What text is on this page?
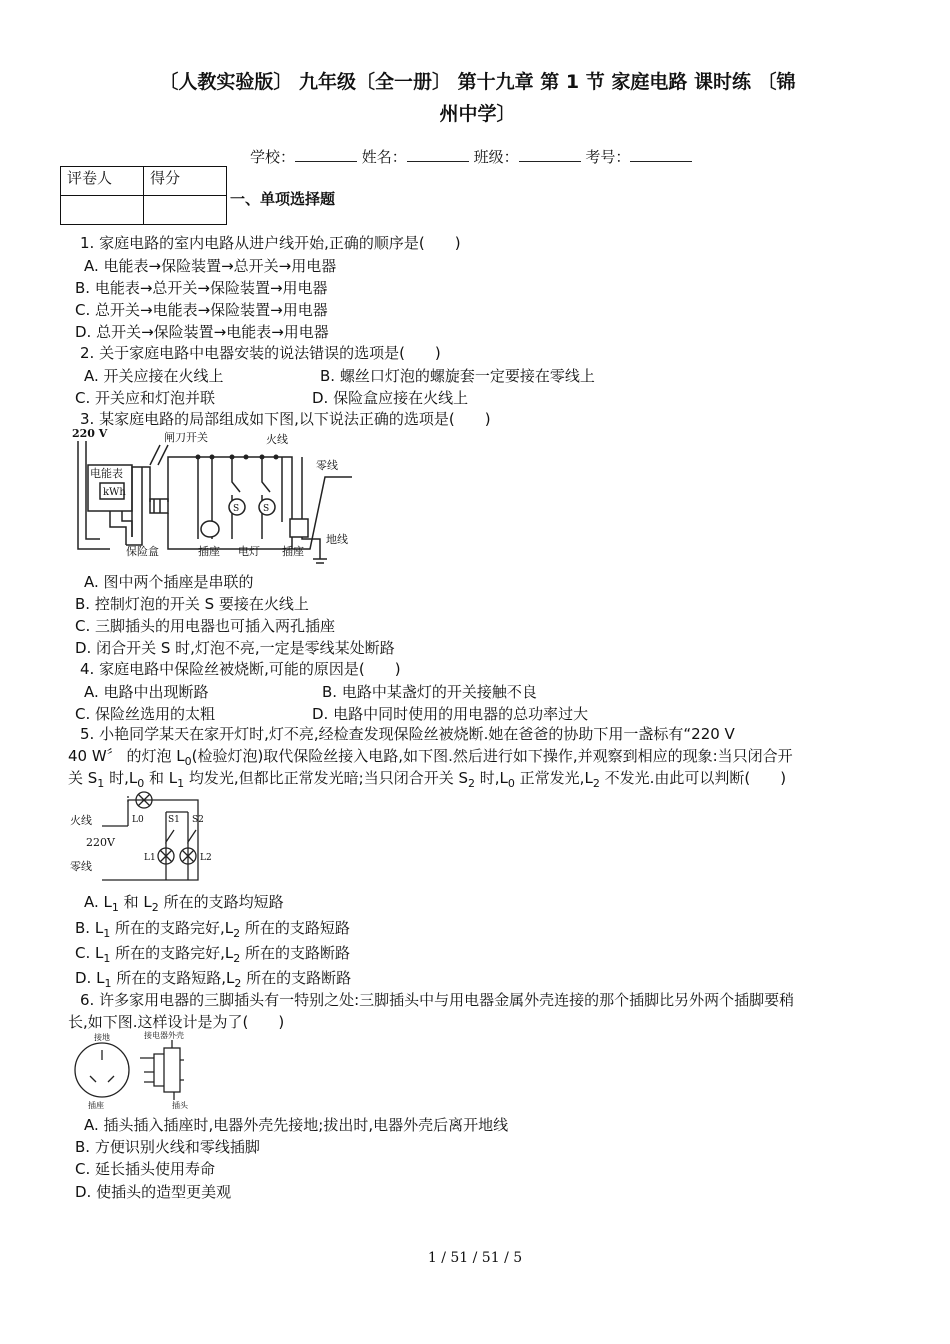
〔人教实验版〕 九年级〔全一册〕 第十九章 第 1 节 家庭电路 课时练 〔锦
州中学〕
学校：	姓名：	班级：	考号：
评卷人	得分

一、单项选择题
1. 家庭电路的室内电路从进户线开始,正确的顺序是(　　)
A. 电能表→保险装置→总开关→用电器
B. 电能表→总开关→保险装置→用电器
C. 总开关→电能表→保险装置→用电器
D. 总开关→保险装置→电能表→用电器
2. 关于家庭电路中电器安装的说法错误的选项是(　　)
A. 开关应接在火线上	B. 螺丝口灯泡的螺旋套一定要接在零线上
C. 开关应和灯泡并联	D. 保险盒应接在火线上
3. 某家庭电路的局部组成如下图,以下说法正确的选项是(　　)
220 V	闸刀开关	火线
零线
电能表
kWh
保险盒	插座 电灯 插座
地线
S	S
A. 图中两个插座是串联的
B. 控制灯泡的开关 S 要接在火线上
C. 三脚插头的用电器也可插入两孔插座
D. 闭合开关 S 时,灯泡不亮,一定是零线某处断路
4. 家庭电路中保险丝被烧断,可能的原因是(　　)
A. 电路中出现断路	B. 电路中某盏灯的开关接触不良
C. 保险丝选用的太粗	D. 电路中同时使用的用电器的总功率过大
5. 小艳同学某天在家开灯时,灯不亮,经检查发现保险丝被烧断.她在爸爸的协助下用一盏标有“220 V
40 W〞 的灯泡 $L_0$(检验灯泡)取代保险丝接入电路,如下图.然后进行如下操作,并观察到相应的现象:当只闭合开
关 $S_1$ 时$,L_0$ 和 $L_1$ 均发光,但都比正常发光暗;当只闭合开关 $S_2$ 时$,L_0$ 正常发光$,L_2$ 不发光.由此可以判断(　　)
火线
220V
零线
L0	S1 S2
L1	L2
A. $L_1$ 和 $L_2$ 所在的支路均短路
B. $L_1$ 所在的支路完好$,L_2$ 所在的支路短路
C. $L_1$ 所在的支路完好$,L_2$ 所在的支路断路
D. $L_1$ 所在的支路短路$,L_2$ 所在的支路断路
6. 许多家用电器的三脚插头有一特别之处:三脚插头中与用电器金属外壳连接的那个插脚比另外两个插脚要稍
长,如下图.这样设计是为了(　　)
接地
插座
接电器外壳
插头
A. 插头插入插座时,电器外壳先接地;拔出时,电器外壳后离开地线
B. 方便识别火线和零线插脚
C. 延长插头使用寿命
D. 使插头的造型更美观
1 / 51 / 51 / 5
